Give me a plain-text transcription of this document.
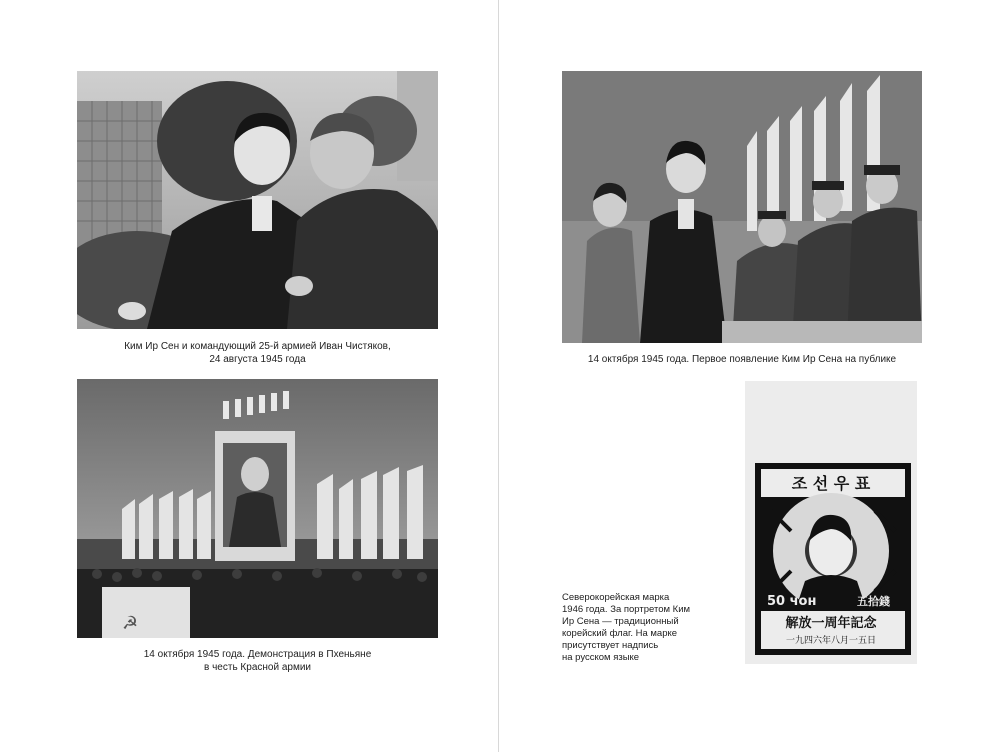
Ким Ир Сен и командующий 25-й армией Иван Чистяков,
24 августа 1945 года
☭
14 октября 1945 года. Демонстрация в Пхеньяне
в честь Красной армии
14 октября 1945 года. Первое появление Ким Ир Сена на публике
조 선 우 표
50 чон	五拾錢
解放一周年記念
一九四六年八月一五日
Северокорейская марка
1946 года. За портретом Ким
Ир Сена — традиционный
корейский флаг. На марке
присутствует надпись
на русском языке
